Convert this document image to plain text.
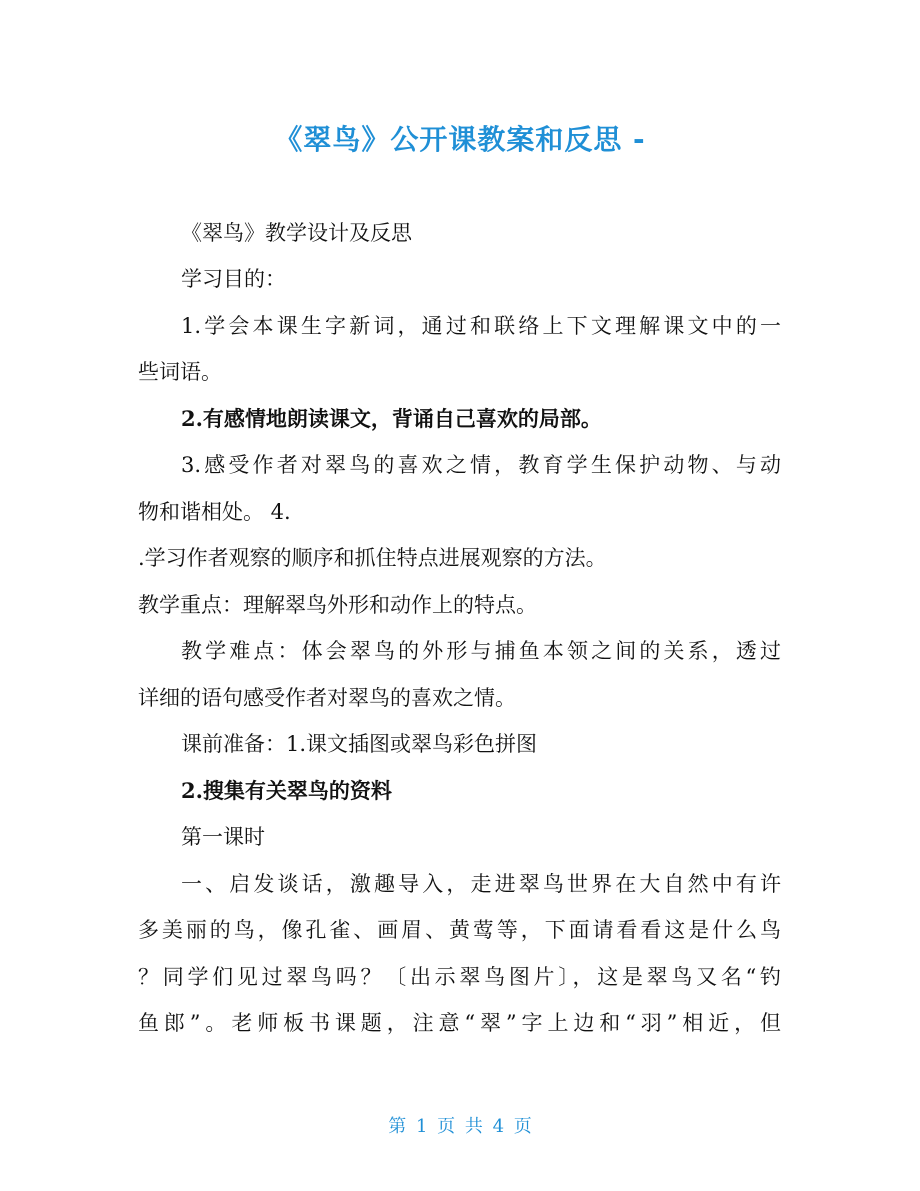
《翠鸟》公开课教案和反思 -
《翠鸟》教学设计及反思
学习目的：
1.学会本课生字新词，通过和联络上下文理解课文中的一
些词语。
2.有感情地朗读课文，背诵自己喜欢的局部。
3.感受作者对翠鸟的喜欢之情，教育学生保护动物、与动
物和谐相处。 4.
.学习作者观察的顺序和抓住特点进展观察的方法。
教学重点：理解翠鸟外形和动作上的特点。
教学难点：体会翠鸟的外形与捕鱼本领之间的关系，透过
详细的语句感受作者对翠鸟的喜欢之情。
课前准备：1.课文插图或翠鸟彩色拼图
2.搜集有关翠鸟的资料
第一课时
一、启发谈话，激趣导入，走进翠鸟世界在大自然中有许
多美丽的鸟，像孔雀、画眉、黄莺等，下面请看看这是什么鸟
？同学们见过翠鸟吗？〔出示翠鸟图片〕，这是翠鸟又名“钓
鱼郎”。老师板书课题，注意“翠”字上边和“羽”相近，但
第 1 页 共 4 页
